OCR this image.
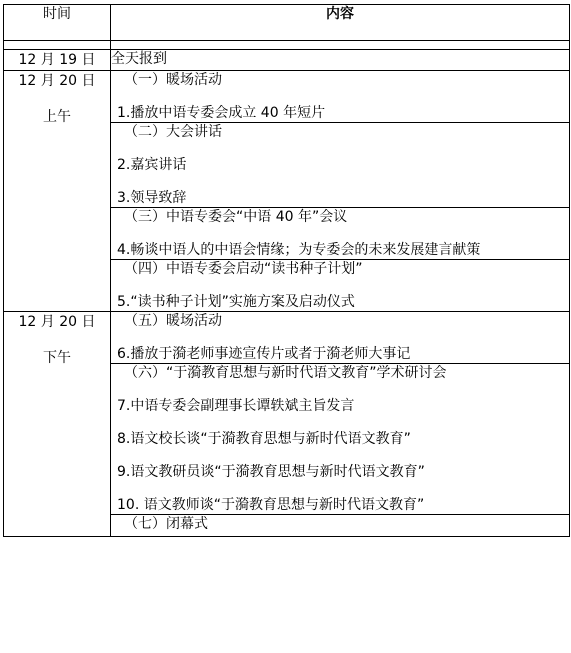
时间	内容

12 月 19 日	全天报到

12 月 20 日
上午	（一）暖场活动
1.播放中语专委会成立 40 年短片

	（二）大会讲话
2.嘉宾讲话
3.领导致辞

	（三）中语专委会“中语 40 年”会议
4.畅谈中语人的中语会情缘；为专委会的未来发展建言献策

	（四）中语专委会启动“读书种子计划”
5.“读书种子计划”实施方案及启动仪式

12 月 20 日
下午	（五）暖场活动
6.播放于漪老师事迹宣传片或者于漪老师大事记

	（六）“于漪教育思想与新时代语文教育”学术研讨会
7.中语专委会副理事长谭轶斌主旨发言
8.语文校长谈“于漪教育思想与新时代语文教育”
9.语文教研员谈“于漪教育思想与新时代语文教育”
10. 语文教师谈“于漪教育思想与新时代语文教育”

	（七）闭幕式
